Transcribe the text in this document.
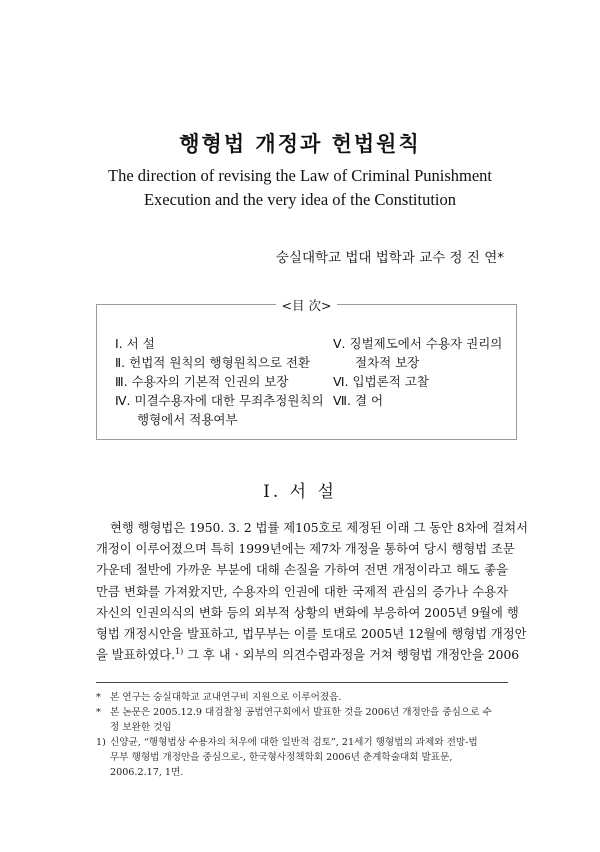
행형법 개정과 헌법원칙
The direction of revising the Law of Criminal Punishment
Execution and the very idea of the Constitution
숭실대학교 법대 법학과 교수 정 진 연*
<目 次>
Ⅰ. 서 설
Ⅱ. 헌법적 원칙의 행형원칙으로 전환
Ⅲ. 수용자의 기본적 인권의 보장
Ⅳ. 미결수용자에 대한 무죄추정원칙의
행형에서 적용여부
Ⅴ. 징벌제도에서 수용자 권리의
절차적 보장
Ⅵ. 입법론적 고찰
Ⅶ. 결 어
Ⅰ. 서 설
현행 행형법은 1950. 3. 2 법률 제105호로 제정된 이래 그 동안 8차에 걸쳐서
개정이 이루어졌으며 특히 1999년에는 제7차 개정을 통하여 당시 행형법 조문
가운데 절반에 가까운 부분에 대해 손질을 가하여 전면 개정이라고 해도 좋을
만큼 변화를 가져왔지만, 수용자의 인권에 대한 국제적 관심의 증가나 수용자
자신의 인권의식의 변화 등의 외부적 상황의 변화에 부응하여 2005년 9월에 행
형법 개정시안을 발표하고, 법무부는 이를 토대로 2005년 12월에 행형법 개정안
을 발표하였다.$^{1)}$ 그 후 내ㆍ외부의 의견수렴과정을 거쳐 행형법 개정안을 2006
* 본 연구는 숭실대학교 교내연구비 지원으로 이루어졌음.
* 본 논문은 2005.12.9 대검찰청 공법연구회에서 발표한 것을 2006년 개정안을 중심으로 수
정 보완한 것임
1) 신양균, “행형법상 수용자의 처우에 대한 일반적 검토”, 21세기 행형법의 과제와 전망-법
무부 행형법 개정안을 중심으로-, 한국형사정책학회 2006년 춘계학술대회 발표문,
2006.2.17, 1면.
